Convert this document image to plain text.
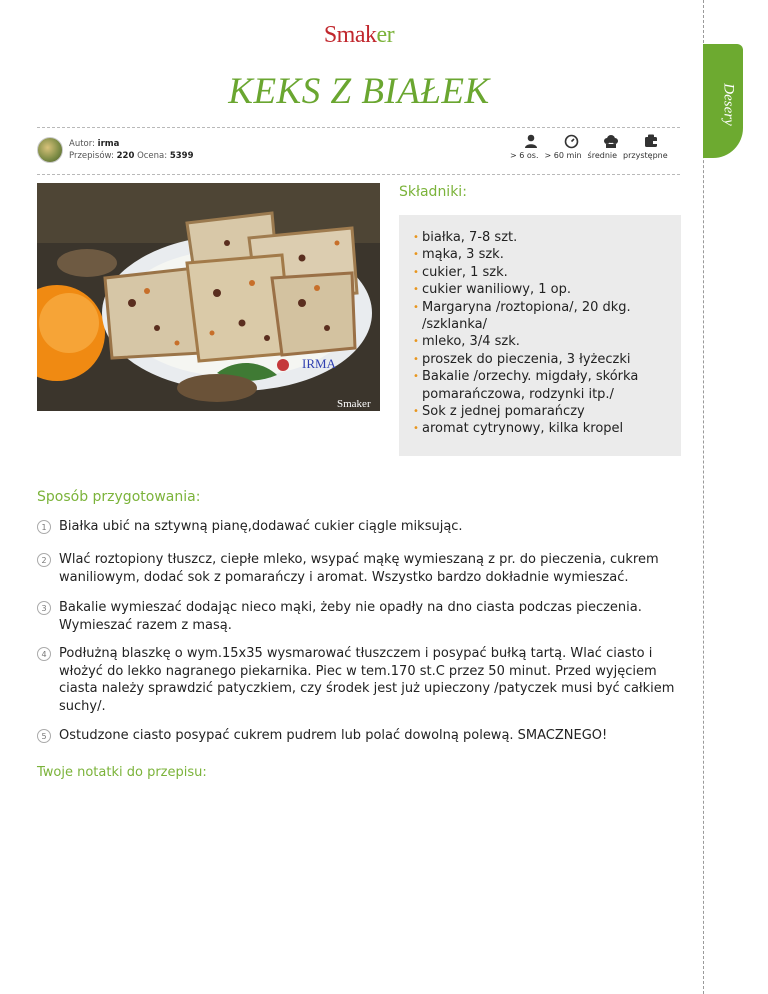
Smaker
Desery
KEKS Z BIAŁEK
Autor: irma
Przepisów: 220 Ocena: 5399	> 6 os. > 60 min średnie przystępne
IRMA
Smaker
Składniki:
• białka, 7-8 szt.
• mąka, 3 szk.
• cukier, 1 szk.
• cukier waniliowy, 1 op.
• Margaryna /roztopiona/, 20 dkg. /szklanka/
• mleko, 3/4 szk.
• proszek do pieczenia, 3 łyżeczki
• Bakalie /orzechy. migdały, skórka pomarańczowa, rodzynki itp./
• Sok z jednej pomarańczy
• aromat cytrynowy, kilka kropel
Sposób przygotowania:
1 Białka ubić na sztywną pianę,dodawać cukier ciągle miksując.
2 Wlać roztopiony tłuszcz, ciepłe mleko, wsypać mąkę wymieszaną z pr. do pieczenia, cukrem waniliowym, dodać sok z pomarańczy i aromat. Wszystko bardzo dokładnie wymieszać.
3 Bakalie wymieszać dodając nieco mąki, żeby nie opadły na dno ciasta podczas pieczenia. Wymieszać razem z masą.
4 Podłużną blaszkę o wym.15x35 wysmarować tłuszczem i posypać bułką tartą. Wlać ciasto i włożyć do lekko nagranego piekarnika. Piec w tem.170 st.C przez 50 minut. Przed wyjęciem ciasta należy sprawdzić patyczkiem, czy środek jest już upieczony /patyczek musi być całkiem suchy/.
5 Ostudzone ciasto posypać cukrem pudrem lub polać dowolną polewą. SMACZNEGO!
Twoje notatki do przepisu:
